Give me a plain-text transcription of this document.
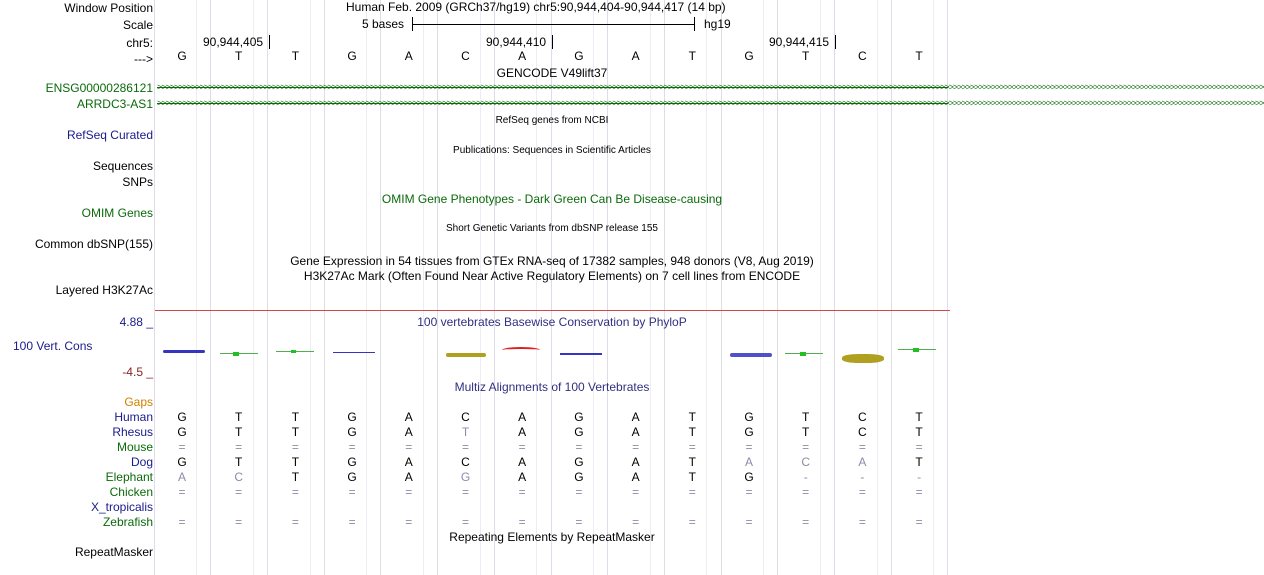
Window Position
Scale
chr5:
--->
Human Feb. 2009 (GRCh37/hg19) chr5:90,944,404-90,944,417 (14 bp)
5 bases	hg19
90,944,405	90,944,410	90,944,415
G	T	T	G	A	C	A	G	A	T	G	T	C	T
GENCODE V49lift37
ENSG00000286121 >>>>>>>>>>>>>>>>>>>>>>>>>>>>>>>>>>>>>>>>>>>>>>>>>>>>>>>>>>>>>>>>>>>>>>>>>>>>>>>>>>>>>>>>>>>>>>>>>>>>>>>>>>>>>>>>>>>>>>>>>>>>>>>>>>>>>>>>>>>>>>>>>>>>>>>>>>>>>>>>>>>>>>>>>>>>>>>>>>>>>>>>>>>>>>>>>>>>>>>>>>>>>>>>>>>>>>>>>>>>>>>>>>>>>>>>>>>>>>>>>>>>>>>>>>>>>>>>>>>>
ARRDC3-AS1 >>>>>>>>>>>>>>>>>>>>>>>>>>>>>>>>>>>>>>>>>>>>>>>>>>>>>>>>>>>>>>>>>>>>>>>>>>>>>>>>>>>>>>>>>>>>>>>>>>>>>>>>>>>>>>>>>>>>>>>>>>>>>>>>>>>>>>>>>>>>>>>>>>>>>>>>>>>>>>>>>>>>>>>>>>>>>>>>>>>>>>>>>>>>>>>>>>>>>>>>>>>>>>>>>>>>>>>>>>>>>>>>>>>>>>>>>>>>>>>>>>>>>>>>>>>>>>>>>>>>
RefSeq genes from NCBI
RefSeq Curated
Publications: Sequences in Scientific Articles
Sequences
SNPs
OMIM Gene Phenotypes - Dark Green Can Be Disease-causing
OMIM Genes
Short Genetic Variants from dbSNP release 155
Common dbSNP(155)
Gene Expression in 54 tissues from GTEx RNA-seq of 17382 samples, 948 donors (V8, Aug 2019)
H3K27Ac Mark (Often Found Near Active Regulatory Elements) on 7 cell lines from ENCODE
Layered H3K27Ac
4.88 _	100 vertebrates Basewise Conservation by PhyloP
100 Vert. Cons
-4.5 _
Multiz Alignments of 100 Vertebrates
Gaps
Human	G	T	T	G	A	C	A	G	A	T	G	T	C	T
Rhesus	G	T	T	G	A	T	A	G	A	T	G	T	C	T
Mouse	=	=	=	=	=	=	=	=	=	=	=	=	=	=
Dog	G	T	T	G	A	C	A	G	A	T	A	C	A	T
Elephant	A	C	T	G	A	G	A	G	A	T	G	-	-	-
Chicken	=	=	=	=	=	=	=	=	=	=	=	=	=	=
X_tropicalis
Zebrafish	=	=	=	=	=	=	=	=	=	=	=	=	=	=
RepeatMasker
Repeating Elements by RepeatMasker
